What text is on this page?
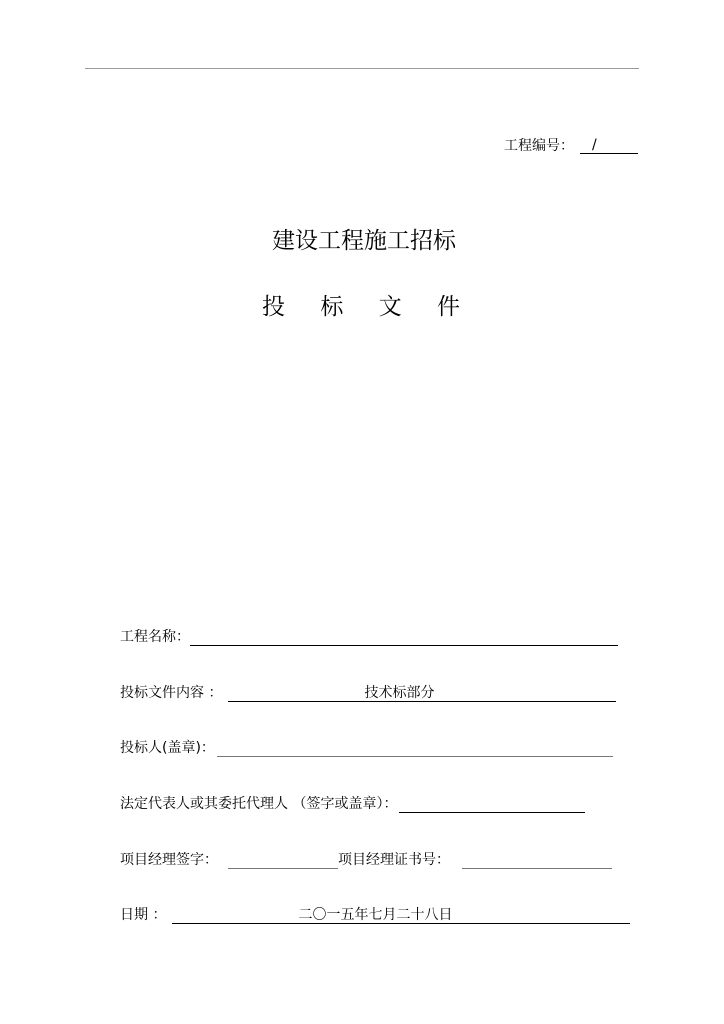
工程编号：	/
建设工程施工招标
投 标 文 件
工程名称：
投标文件内容 ：	技术标部分
投标人(盖章)：
法定代表人或其委托代理人 （签字或盖章）：
项目经理签字：	项目经理证书号：
日期 ：	二〇一五年七月二十八日
